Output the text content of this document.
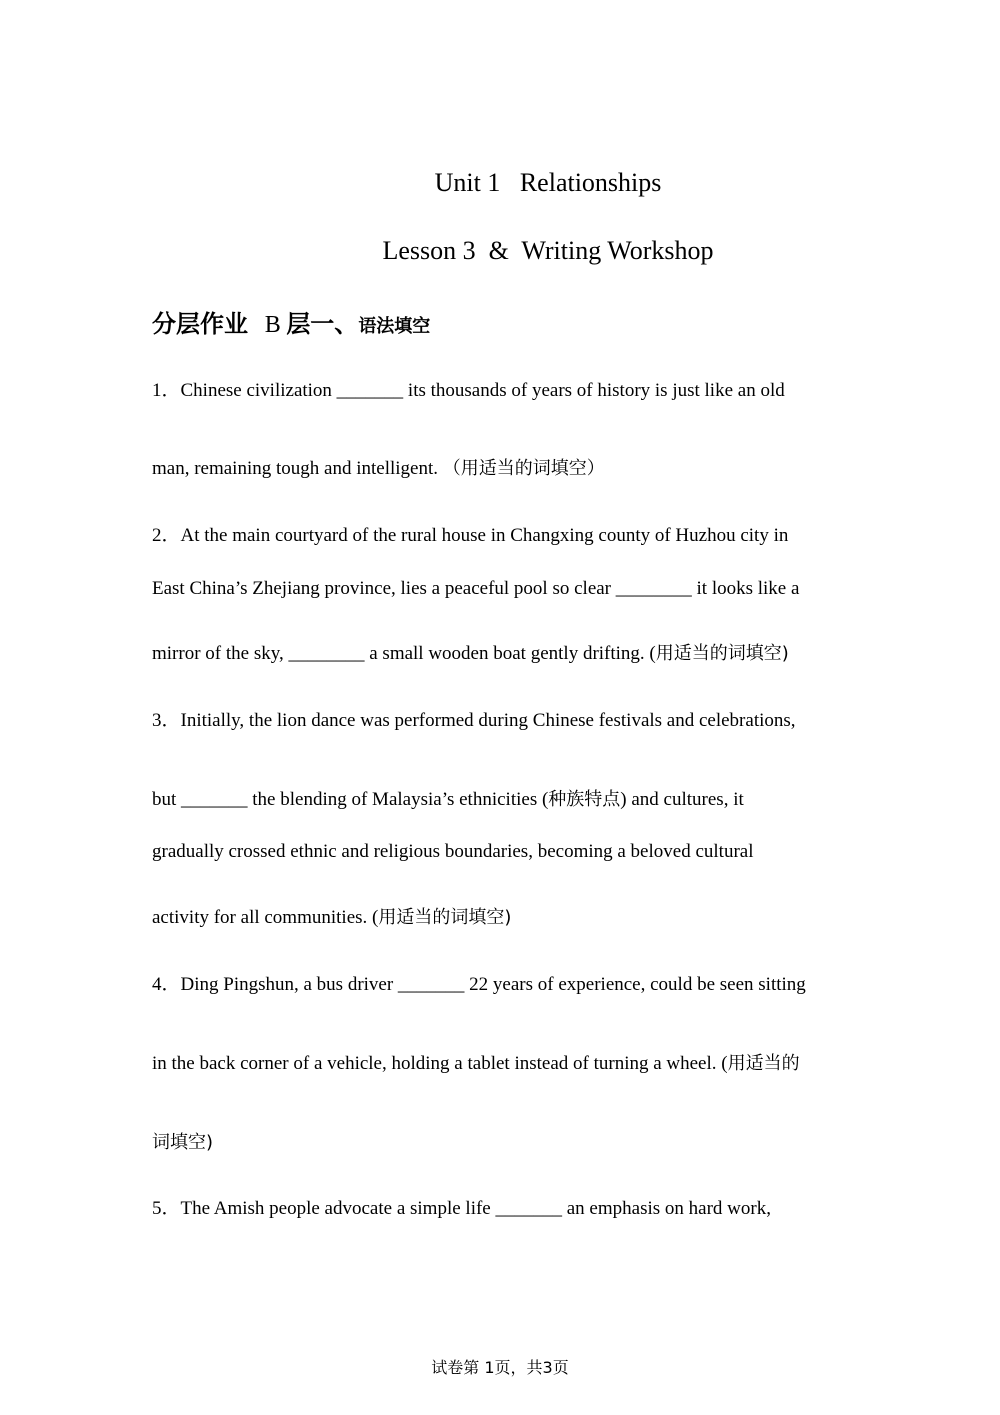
Unit 1   Relationships
Lesson 3  &  Writing Workshop
分层作业 B 层一、语法填空
1．Chinese civilization _______ its thousands of years of history is just like an old
man, remaining tough and intelligent. （用适当的词填空）
2．At the main courtyard of the rural house in Changxing county of Huzhou city in
East China’s Zhejiang province, lies a peaceful pool so clear ________ it looks like a
mirror of the sky, ________ a small wooden boat gently drifting. (用适当的词填空)
3．Initially, the lion dance was performed during Chinese festivals and celebrations,
but _______ the blending of Malaysia’s ethnicities (种族特点) and cultures, it
gradually crossed ethnic and religious boundaries, becoming a beloved cultural
activity for all communities. (用适当的词填空)
4．Ding Pingshun, a bus driver _______ 22 years of experience, could be seen sitting
in the back corner of a vehicle, holding a tablet instead of turning a wheel. (用适当的
词填空)
5．The Amish people advocate a simple life _______ an emphasis on hard work,
试卷第 1页，共3页
